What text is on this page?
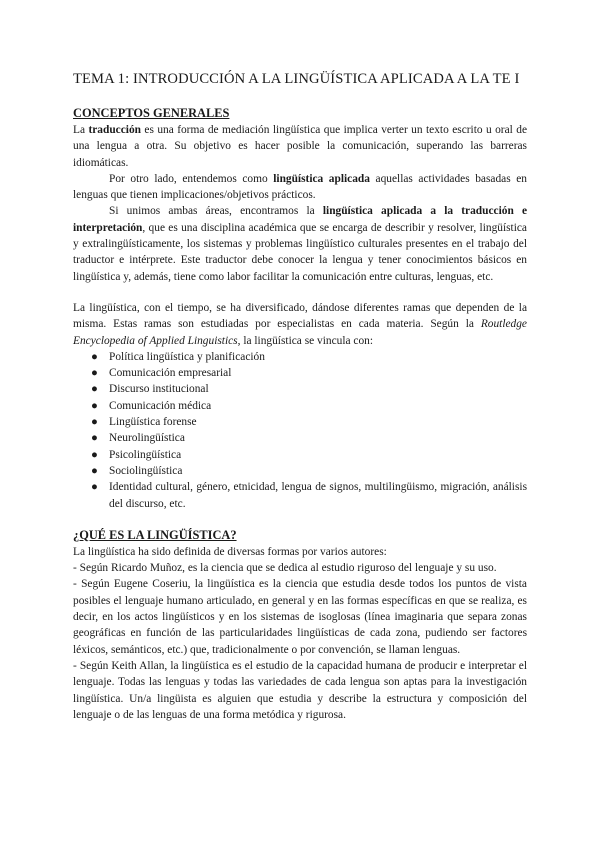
TEMA 1: INTRODUCCIÓN A LA LINGÜÍSTICA APLICADA A LA TE I
CONCEPTOS GENERALES

La traducción es una forma de mediación lingüística que implica verter un texto escrito u oral de una lengua a otra. Su objetivo es hacer posible la comunicación, superando las barreras idiomáticas.

Por otro lado, entendemos como lingüística aplicada aquellas actividades basadas en lenguas que tienen implicaciones/objetivos prácticos.

Si unimos ambas áreas, encontramos la lingüística aplicada a la traducción e interpretación, que es una disciplina académica que se encarga de describir y resolver, lingüística y extralingüísticamente, los sistemas y problemas lingüístico culturales presentes en el trabajo del traductor e intérprete. Este traductor debe conocer la lengua y tener conocimientos básicos en lingüística y, además, tiene como labor facilitar la comunicación entre culturas, lenguas, etc.

La lingüística, con el tiempo, se ha diversificado, dándose diferentes ramas que dependen de la misma. Estas ramas son estudiadas por especialistas en cada materia. Según la Routledge Encyclopedia of Applied Linguistics, la lingüística se vincula con:

● Política lingüística y planificación
● Comunicación empresarial
● Discurso institucional
● Comunicación médica
● Lingüística forense
● Neurolingüística
● Psicolingüística
● Sociolingüística
● Identidad cultural, género, etnicidad, lengua de signos, multilingüismo, migración, análisis del discurso, etc.
¿QUÉ ES LA LINGÜÍSTICA?

La lingüística ha sido definida de diversas formas por varios autores:

- Según Ricardo Muñoz, es la ciencia que se dedica al estudio riguroso del lenguaje y su uso.

- Según Eugene Coseriu, la lingüística es la ciencia que estudia desde todos los puntos de vista posibles el lenguaje humano articulado, en general y en las formas específicas en que se realiza, es decir, en los actos lingüísticos y en los sistemas de isoglosas (línea imaginaria que separa zonas geográficas en función de las particularidades lingüísticas de cada zona, pudiendo ser factores léxicos, semánticos, etc.) que, tradicionalmente o por convención, se llaman lenguas.

- Según Keith Allan, la lingüística es el estudio de la capacidad humana de producir e interpretar el lenguaje. Todas las lenguas y todas las variedades de cada lengua son aptas para la investigación lingüística. Un/a lingüista es alguien que estudia y describe la estructura y composición del lenguaje o de las lenguas de una forma metódica y rigurosa.
